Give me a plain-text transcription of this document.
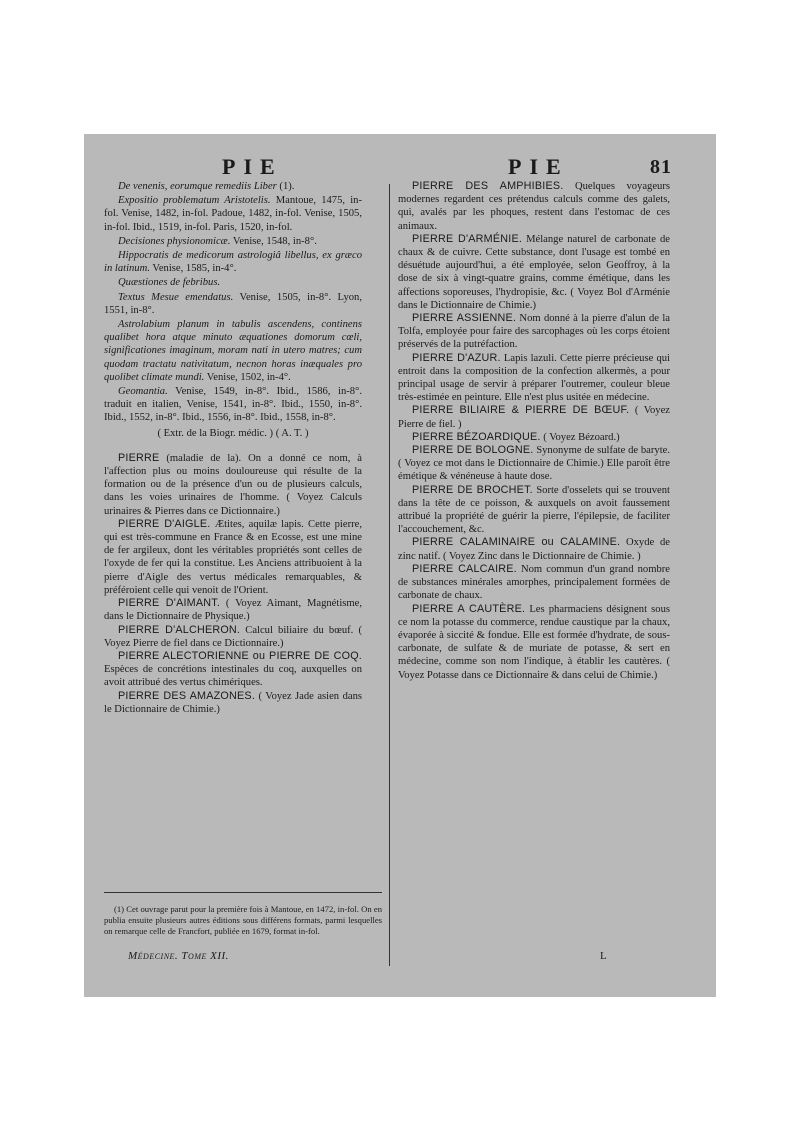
PIE	PIE	81

De venenis, eorumque remediis Liber (1).

Expositio problematum Aristotelis. Mantoue, 1475, in-fol. Venise, 1482, in-fol. Padoue, 1482, in-fol. Venise, 1505, in-fol. Ibid., 1519, in-fol. Paris, 1520, in-fol.

Decisiones physionomicæ. Venise, 1548, in-8°.

Hippocratis de medicorum astrologiâ libellus, ex græco in latinum. Venise, 1585, in-4°.

Quæstiones de febribus.

Textus Mesue emendatus. Venise, 1505, in-8°. Lyon, 1551, in-8°.

Astrolabium planum in tabulis ascendens, continens qualibet hora atque minuto æquationes domorum cœli, significationes imaginum, moram nati in utero matres; cum quodam tractatu nativitatum, necnon horas inæquales pro quolibet climate mundi. Venise, 1502, in-4°.

Geomantia. Venise, 1549, in-8°. Ibid., 1586, in-8°. traduit en italien, Venise, 1541, in-8°. Ibid., 1550, in-8°. Ibid., 1552, in-8°. Ibid., 1556, in-8°. Ibid., 1558, in-8°.

( Extr. de la Biogr. médic. ) ( A. T. )

PIERRE (maladie de la). On a donné ce nom, à l'affection plus ou moins douloureuse qui résulte de la formation ou de la présence d'un ou de plusieurs calculs, dans les voies urinaires de l'homme. ( Voyez Calculs urinaires & Pierres dans ce Dictionnaire.)

PIERRE D'AIGLE. Ætites, aquilæ lapis. Cette pierre, qui est très-commune en France & en Ecosse, est une mine de fer argileux, dont les véritables propriétés sont celles de l'oxyde de fer qui la constitue. Les Anciens attribuoient à la pierre d'Aigle des vertus médicales remarquables, & préféroient celle qui venoit de l'Orient.

PIERRE D'AIMANT. ( Voyez Aimant, Magnétisme, dans le Dictionnaire de Physique.)

PIERRE D'ALCHERON. Calcul biliaire du bœuf. ( Voyez Pierre de fiel dans ce Dictionnaire.)

PIERRE ALECTORIENNE ou PIERRE DE COQ. Espèces de concrétions intestinales du coq, auxquelles on avoit attribué des vertus chimériques.

PIERRE DES AMAZONES. ( Voyez Jade asien dans le Dictionnaire de Chimie.)

PIERRE DES AMPHIBIES. Quelques voyageurs modernes regardent ces prétendus calculs comme des galets, qui, avalés par les phoques, restent dans l'estomac de ces animaux.

PIERRE D'ARMÉNIE. Mélange naturel de carbonate de chaux & de cuivre. Cette substance, dont l'usage est tombé en désuétude aujourd'hui, a été employée, selon Geoffroy, à la dose de six à vingt-quatre grains, comme émétique, dans les affections soporeuses, l'hydropisie, &c. ( Voyez Bol d'Arménie dans le Dictionnaire de Chimie.)

PIERRE ASSIENNE. Nom donné à la pierre d'alun de la Tolfa, employée pour faire des sarcophages où les corps étoient préservés de la putréfaction.

PIERRE D'AZUR. Lapis lazuli. Cette pierre précieuse qui entroit dans la composition de la confection alkermès, a pour principal usage de servir à préparer l'outremer, couleur bleue très-estimée en peinture. Elle n'est plus usitée en médecine.

PIERRE BILIAIRE & PIERRE DE BŒUF. ( Voyez Pierre de fiel. )

PIERRE BÉZOARDIQUE. ( Voyez Bézoard.)

PIERRE DE BOLOGNE. Synonyme de sulfate de baryte. ( Voyez ce mot dans le Dictionnaire de Chimie.) Elle paroît être émétique & vénéneuse à haute dose.

PIERRE DE BROCHET. Sorte d'osselets qui se trouvent dans la tête de ce poisson, & auxquels on avoit faussement attribué la propriété de guérir la pierre, l'épilepsie, de faciliter l'accouchement, &c.

PIERRE CALAMINAIRE ou CALAMINE. Oxyde de zinc natif. ( Voyez Zinc dans le Dictionnaire de Chimie. )

PIERRE CALCAIRE. Nom commun d'un grand nombre de substances minérales amorphes, principalement formées de carbonate de chaux.

PIERRE A CAUTÈRE. Les pharmaciens désignent sous ce nom la potasse du commerce, rendue caustique par la chaux, évaporée à siccité & fondue. Elle est formée d'hydrate, de sous-carbonate, de sulfate & de muriate de potasse, & sert en médecine, comme son nom l'indique, à établir les cautères. ( Voyez Potasse dans ce Dictionnaire & dans celui de Chimie.)

(1) Cet ouvrage parut pour la première fois à Mantoue, en 1472, in-fol. On en publia ensuite plusieurs autres éditions sous différens formats, parmi lesquelles on remarque celle de Francfort, publiée en 1679, format in-fol.

Médecine. Tome XII.	L
